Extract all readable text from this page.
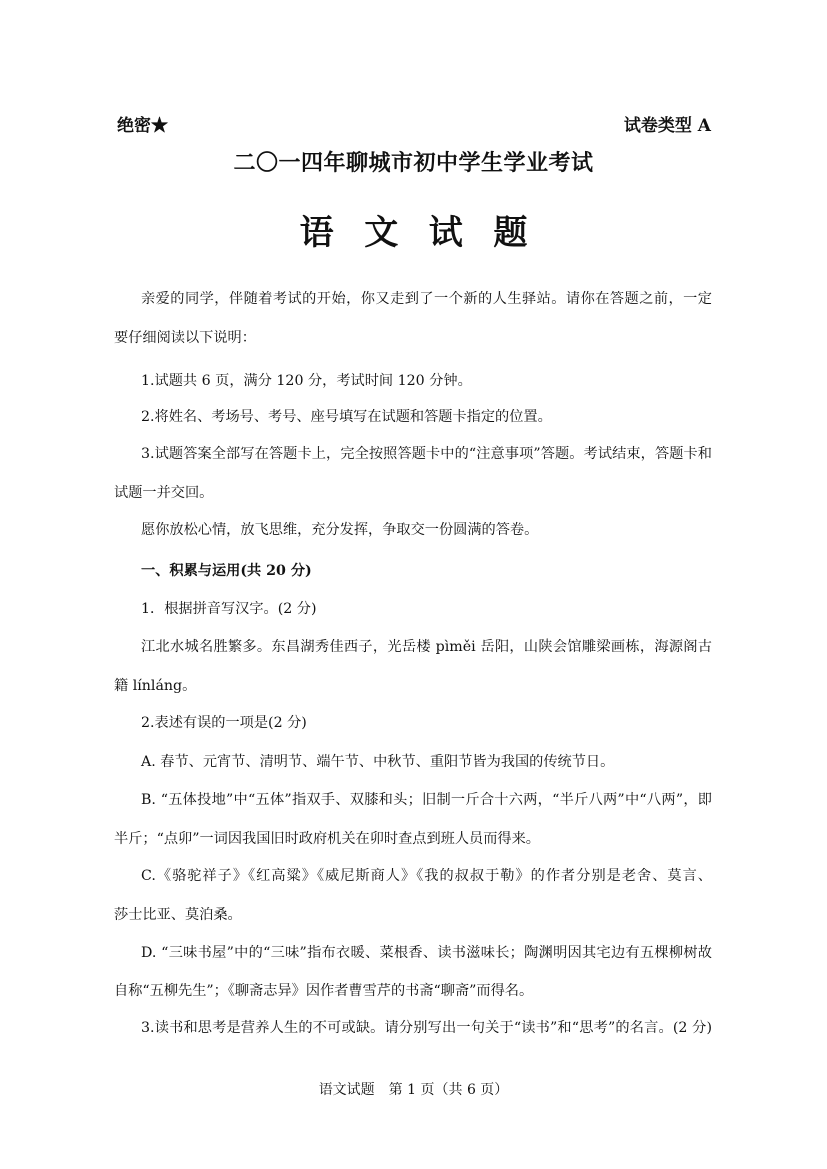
绝密★	试卷类型 A
二〇一四年聊城市初中学生学业考试
语文试题
亲爱的同学，伴随着考试的开始，你又走到了一个新的人生驿站。请你在答题之前，一定
要仔细阅读以下说明：
1.试题共 6 页，满分 120 分，考试时间 120 分钟。
2.将姓名、考场号、考号、座号填写在试题和答题卡指定的位置。
3.试题答案全部写在答题卡上，完全按照答题卡中的“注意事项”答题。考试结束，答题卡和
试题一并交回。
愿你放松心情，放飞思维，充分发挥，争取交一份圆满的答卷。
一、积累与运用(共 20 分)
1．根据拼音写汉字。(2 分)
江北水城名胜繁多。东昌湖秀佳西子，光岳楼 pìměi 岳阳，山陕会馆雕梁画栋，海源阁古
籍 línláng。
2.表述有误的一项是(2 分)
A. 春节、元宵节、清明节、端午节、中秋节、重阳节皆为我国的传统节日。
B. “五体投地”中“五体”指双手、双膝和头；旧制一斤合十六两，“半斤八两”中“八两”，即
半斤；“点卯”一词因我国旧时政府机关在卯时查点到班人员而得来。
C.《骆驼祥子》《红高粱》《威尼斯商人》《我的叔叔于勒》的作者分别是老舍、莫言、
莎士比亚、莫泊桑。
D. “三味书屋”中的“三味”指布衣暖、菜根香、读书滋味长；陶渊明因其宅边有五棵柳树故
自称“五柳先生”；《聊斋志异》因作者曹雪芹的书斋“聊斋”而得名。
3.读书和思考是营养人生的不可或缺。请分别写出一句关于“读书”和“思考”的名言。(2 分)
语文试题　第 1 页（共 6 页）
